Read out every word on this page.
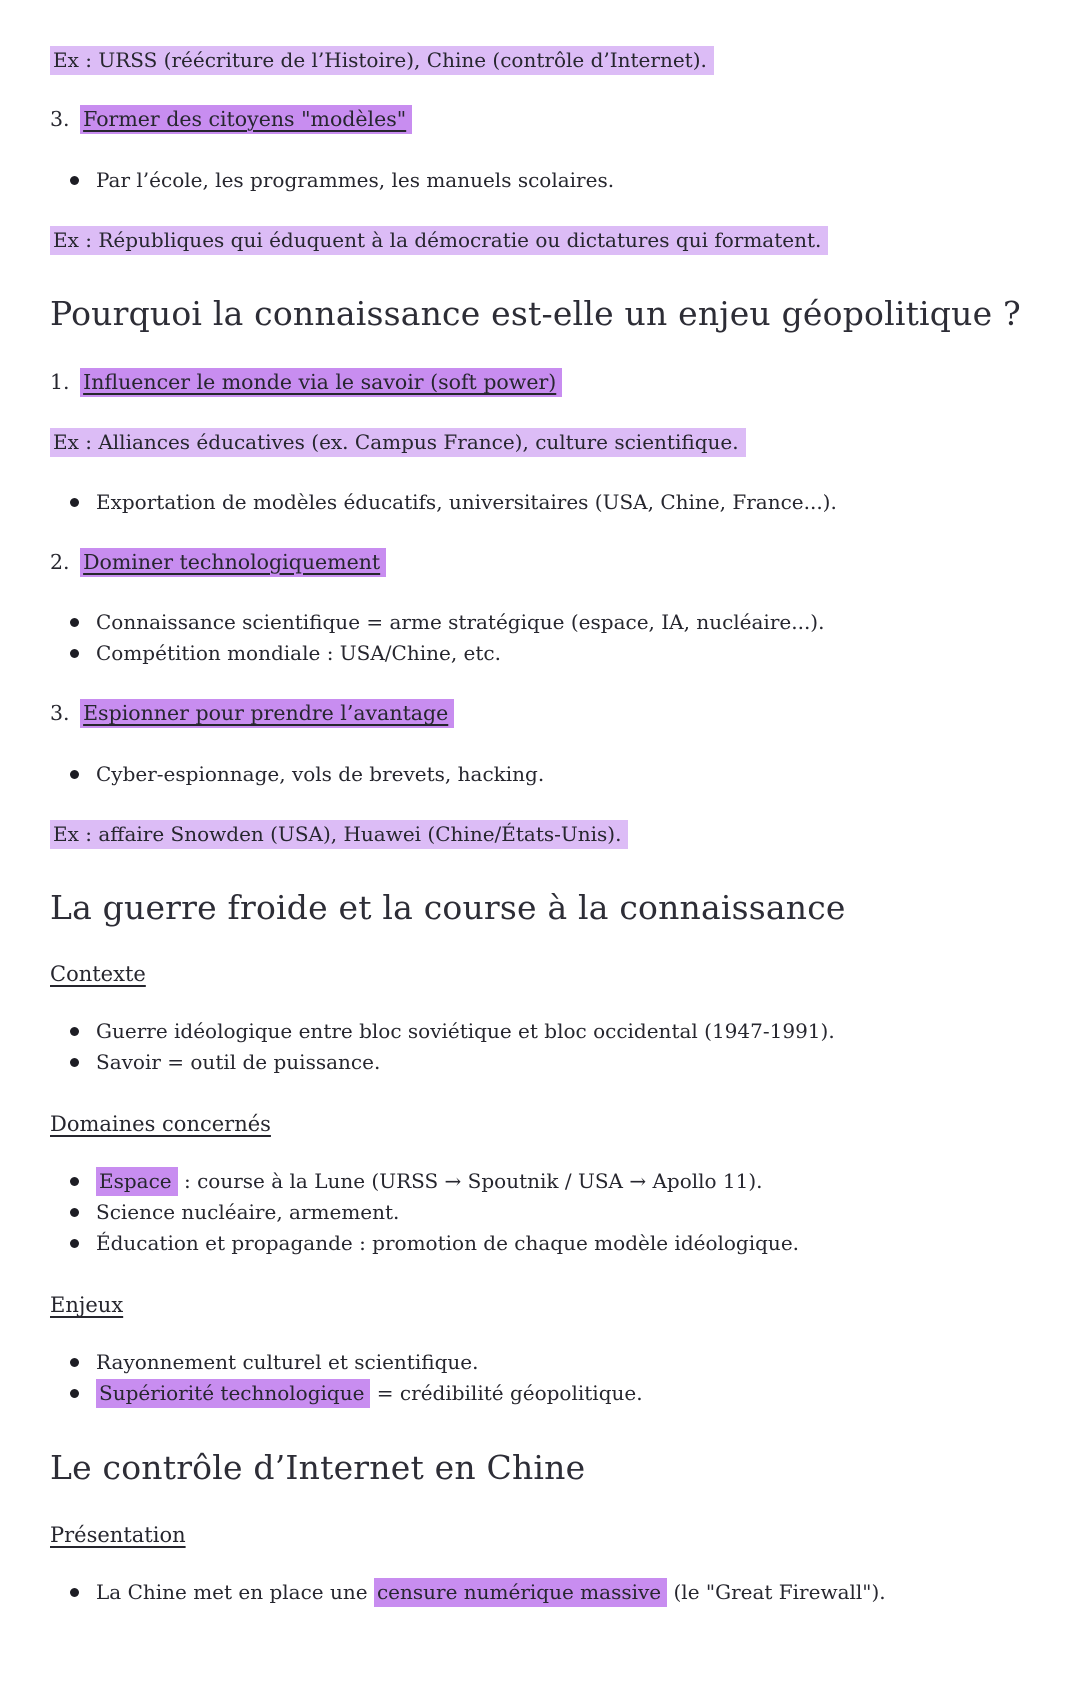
Ex : URSS (réécriture de l’Histoire), Chine (contrôle d’Internet).
3. Former des citoyens "modèles"
Par l’école, les programmes, les manuels scolaires.
Ex : Républiques qui éduquent à la démocratie ou dictatures qui formatent.
Pourquoi la connaissance est-elle un enjeu géopolitique ?
1. Influencer le monde via le savoir (soft power)
Ex : Alliances éducatives (ex. Campus France), culture scientifique.
Exportation de modèles éducatifs, universitaires (USA, Chine, France...).
2. Dominer technologiquement
Connaissance scientifique = arme stratégique (espace, IA, nucléaire...).
Compétition mondiale : USA/Chine, etc.
3. Espionner pour prendre l’avantage
Cyber-espionnage, vols de brevets, hacking.
Ex : affaire Snowden (USA), Huawei (Chine/États-Unis).
La guerre froide et la course à la connaissance
Contexte
Guerre idéologique entre bloc soviétique et bloc occidental (1947-1991).
Savoir = outil de puissance.
Domaines concernés
Espace : course à la Lune (URSS → Spoutnik / USA → Apollo 11).
Science nucléaire, armement.
Éducation et propagande : promotion de chaque modèle idéologique.
Enjeux
Rayonnement culturel et scientifique.
Supériorité technologique = crédibilité géopolitique.
Le contrôle d’Internet en Chine
Présentation
La Chine met en place une censure numérique massive (le "Great Firewall").
